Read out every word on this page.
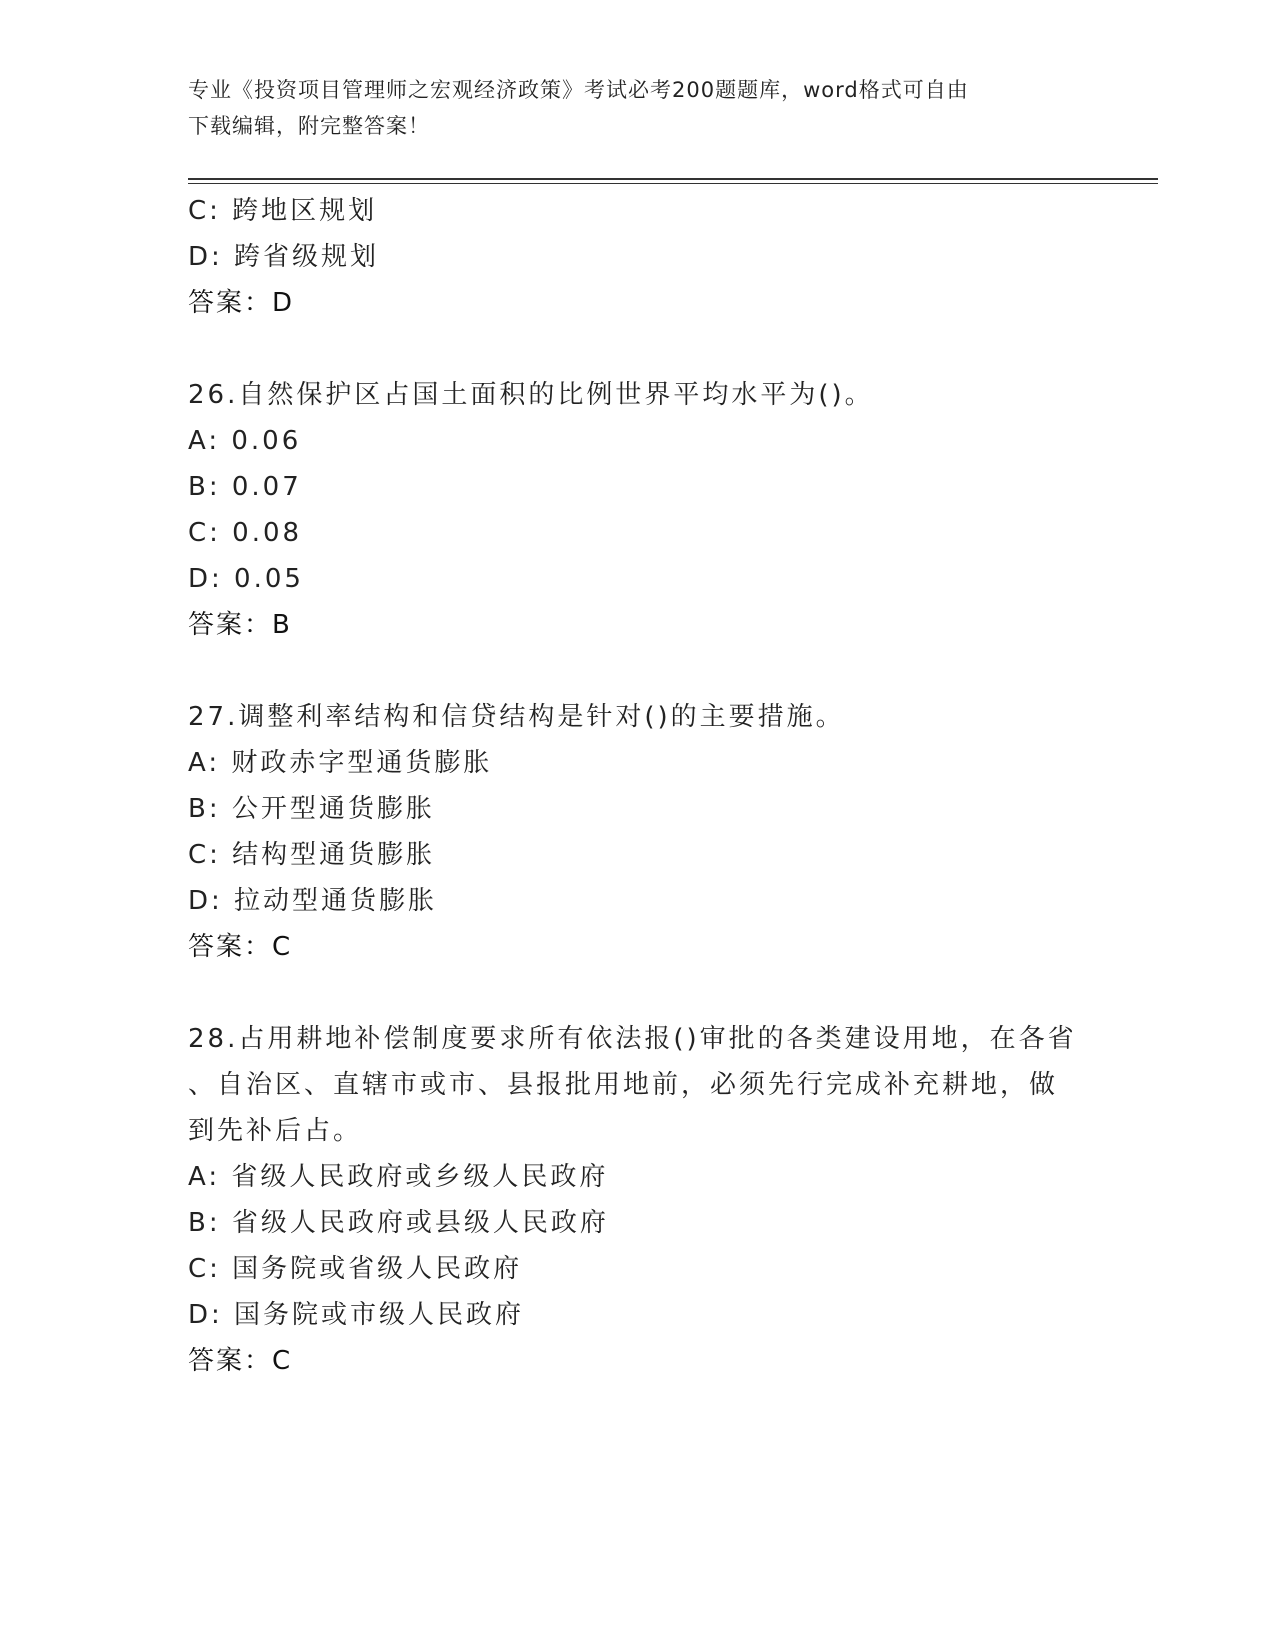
专业《投资项目管理师之宏观经济政策》考试必考200题题库，word格式可自由
下载编辑，附完整答案！
C: 跨地区规划
D: 跨省级规划
答案：D
26.自然保护区占国土面积的比例世界平均水平为()。
A: 0.06
B: 0.07
C: 0.08
D: 0.05
答案：B
27.调整利率结构和信贷结构是针对()的主要措施。
A: 财政赤字型通货膨胀
B: 公开型通货膨胀
C: 结构型通货膨胀
D: 拉动型通货膨胀
答案：C
28.占用耕地补偿制度要求所有依法报()审批的各类建设用地，在各省
、自治区、直辖市或市、县报批用地前，必须先行完成补充耕地，做
到先补后占。
A: 省级人民政府或乡级人民政府
B: 省级人民政府或县级人民政府
C: 国务院或省级人民政府
D: 国务院或市级人民政府
答案：C
